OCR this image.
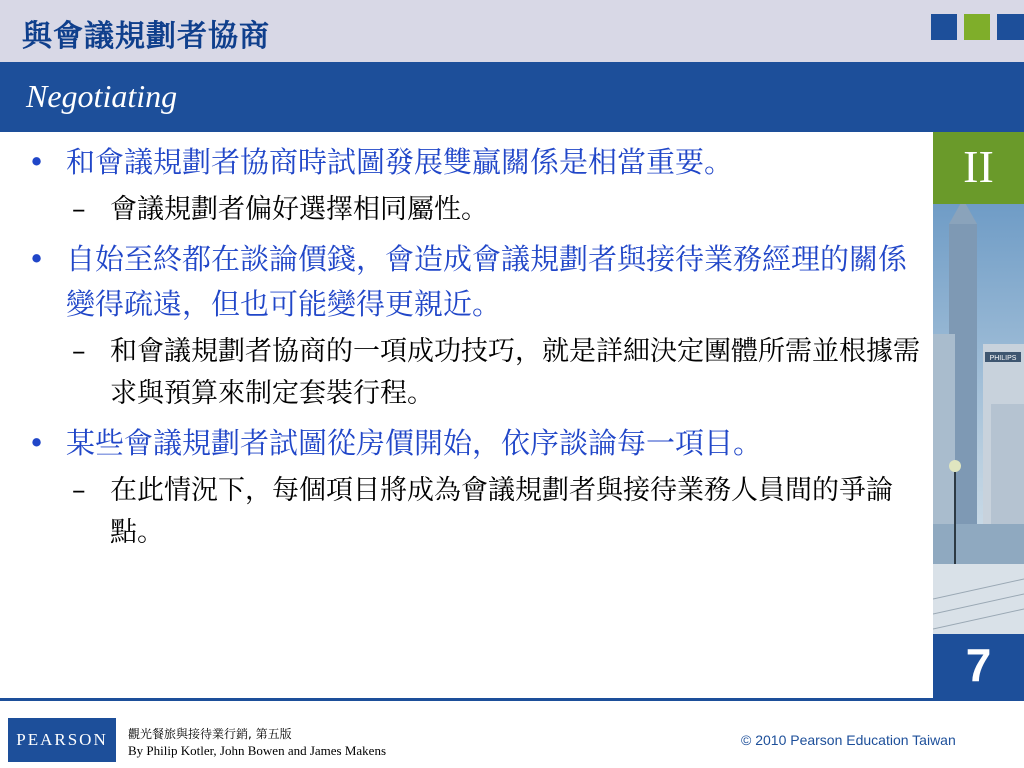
與會議規劃者協商
Negotiating
II
PHILIPS
7
• 和會議規劃者協商時試圖發展雙贏關係是相當重要。
– 會議規劃者偏好選擇相同屬性。
• 自始至終都在談論價錢，會造成會議規劃者與接待業務經理的關係變得疏遠，但也可能變得更親近。
– 和會議規劃者協商的一項成功技巧，就是詳細決定團體所需並根據需求與預算來制定套裝行程。
• 某些會議規劃者試圖從房價開始，依序談論每一項目。
– 在此情況下，每個項目將成為會議規劃者與接待業務人員間的爭論點。
PEARSON 觀光餐旅與接待業行銷, 第五版
By Philip Kotler, John Bowen and James Makens
© 2010 Pearson Education Taiwan
